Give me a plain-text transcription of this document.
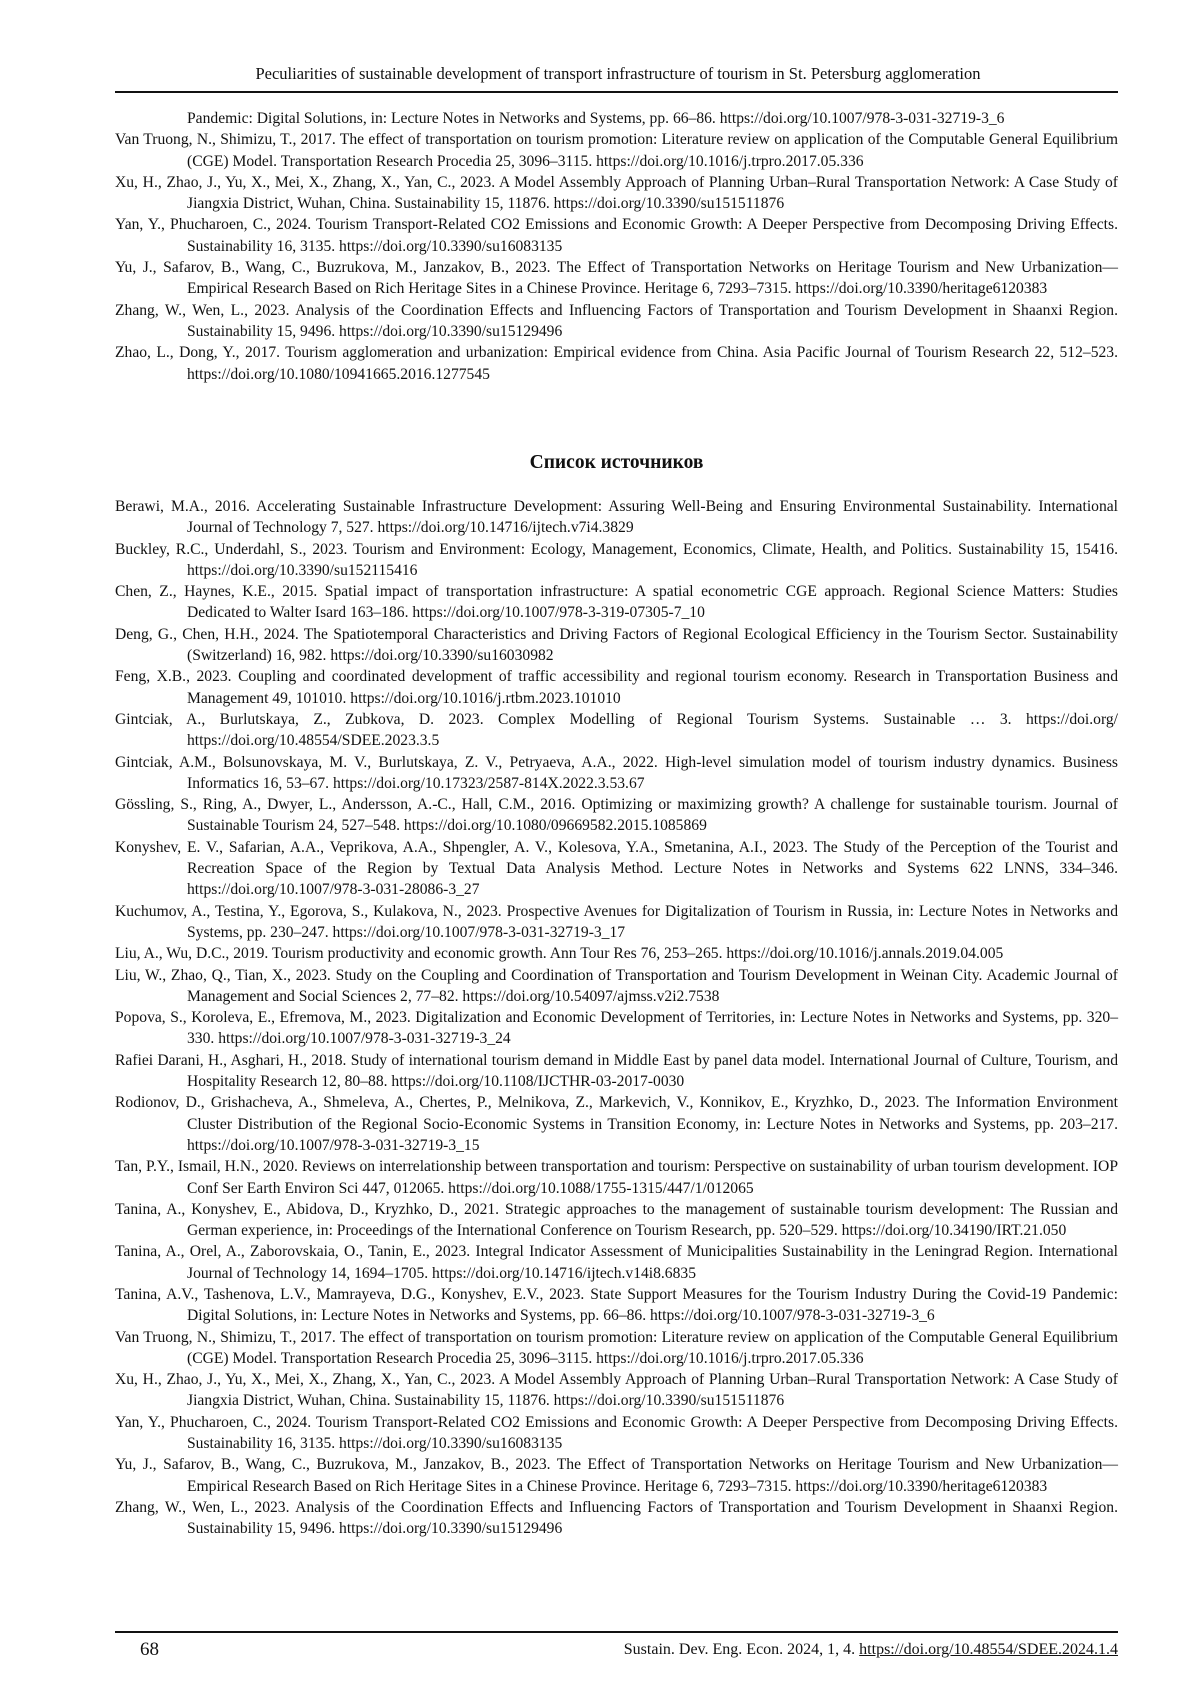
Peculiarities of sustainable development of transport infrastructure of tourism in St. Petersburg agglomeration

Pandemic: Digital Solutions, in: Lecture Notes in Networks and Systems, pp. 66–86. https://doi.org/10.1007/978-3-031-32719-3_6

Van Truong, N., Shimizu, T., 2017. The effect of transportation on tourism promotion: Literature review on application of the Computable General Equilibrium (CGE) Model. Transportation Research Procedia 25, 3096–3115. https://doi.org/10.1016/j.trpro.2017.05.336

Xu, H., Zhao, J., Yu, X., Mei, X., Zhang, X., Yan, C., 2023. A Model Assembly Approach of Planning Urban–Rural Transportation Network: A Case Study of Jiangxia District, Wuhan, China. Sustainability 15, 11876. https://doi.org/10.3390/su151511876

Yan, Y., Phucharoen, C., 2024. Tourism Transport-Related CO2 Emissions and Economic Growth: A Deeper Perspective from Decomposing Driving Effects. Sustainability 16, 3135. https://doi.org/10.3390/su16083135

Yu, J., Safarov, B., Wang, C., Buzrukova, M., Janzakov, B., 2023. The Effect of Transportation Networks on Heritage Tourism and New Urbanization—Empirical Research Based on Rich Heritage Sites in a Chinese Province. Heritage 6, 7293–7315. https://doi.org/10.3390/heritage6120383

Zhang, W., Wen, L., 2023. Analysis of the Coordination Effects and Influencing Factors of Transportation and Tourism Development in Shaanxi Region. Sustainability 15, 9496. https://doi.org/10.3390/su15129496

Zhao, L., Dong, Y., 2017. Tourism agglomeration and urbanization: Empirical evidence from China. Asia Pacific Journal of Tourism Research 22, 512–523. https://doi.org/10.1080/10941665.2016.1277545

Список источников

Berawi, M.A., 2016. Accelerating Sustainable Infrastructure Development: Assuring Well-Being and Ensuring Environmental Sustainability. International Journal of Technology 7, 527. https://doi.org/10.14716/ijtech.v7i4.3829

Buckley, R.C., Underdahl, S., 2023. Tourism and Environment: Ecology, Management, Economics, Climate, Health, and Politics. Sustainability 15, 15416. https://doi.org/10.3390/su152115416

Chen, Z., Haynes, K.E., 2015. Spatial impact of transportation infrastructure: A spatial econometric CGE approach. Regional Science Matters: Studies Dedicated to Walter Isard 163–186. https://doi.org/10.1007/978-3-319-07305-7_10

Deng, G., Chen, H.H., 2024. The Spatiotemporal Characteristics and Driving Factors of Regional Ecological Efficiency in the Tourism Sector. Sustainability (Switzerland) 16, 982. https://doi.org/10.3390/su16030982

Feng, X.B., 2023. Coupling and coordinated development of traffic accessibility and regional tourism economy. Research in Transportation Business and Management 49, 101010. https://doi.org/10.1016/j.rtbm.2023.101010

Gintciak, A., Burlutskaya, Z., Zubkova, D. 2023. Complex Modelling of Regional Tourism Systems. Sustainable … 3. https://doi.org/ https://doi.org/10.48554/SDEE.2023.3.5

Gintciak, A.M., Bolsunovskaya, M. V., Burlutskaya, Z. V., Petryaeva, A.A., 2022. High-level simulation model of tourism industry dynamics. Business Informatics 16, 53–67. https://doi.org/10.17323/2587-814X.2022.3.53.67

Gössling, S., Ring, A., Dwyer, L., Andersson, A.-C., Hall, C.M., 2016. Optimizing or maximizing growth? A challenge for sustainable tourism. Journal of Sustainable Tourism 24, 527–548. https://doi.org/10.1080/09669582.2015.1085869

Konyshev, E. V., Safarian, A.A., Veprikova, A.A., Shpengler, A. V., Kolesova, Y.A., Smetanina, A.I., 2023. The Study of the Perception of the Tourist and Recreation Space of the Region by Textual Data Analysis Method. Lecture Notes in Networks and Systems 622 LNNS, 334–346. https://doi.org/10.1007/978-3-031-28086-3_27

Kuchumov, A., Testina, Y., Egorova, S., Kulakova, N., 2023. Prospective Avenues for Digitalization of Tourism in Russia, in: Lecture Notes in Networks and Systems, pp. 230–247. https://doi.org/10.1007/978-3-031-32719-3_17

Liu, A., Wu, D.C., 2019. Tourism productivity and economic growth. Ann Tour Res 76, 253–265. https://doi.org/10.1016/j.annals.2019.04.005

Liu, W., Zhao, Q., Tian, X., 2023. Study on the Coupling and Coordination of Transportation and Tourism Development in Weinan City. Academic Journal of Management and Social Sciences 2, 77–82. https://doi.org/10.54097/ajmss.v2i2.7538

Popova, S., Koroleva, E., Efremova, M., 2023. Digitalization and Economic Development of Territories, in: Lecture Notes in Networks and Systems, pp. 320–330. https://doi.org/10.1007/978-3-031-32719-3_24

Rafiei Darani, H., Asghari, H., 2018. Study of international tourism demand in Middle East by panel data model. International Journal of Culture, Tourism, and Hospitality Research 12, 80–88. https://doi.org/10.1108/IJCTHR-03-2017-0030

Rodionov, D., Grishacheva, A., Shmeleva, A., Chertes, P., Melnikova, Z., Markevich, V., Konnikov, E., Kryzhko, D., 2023. The Information Environment Cluster Distribution of the Regional Socio-Economic Systems in Transition Economy, in: Lecture Notes in Networks and Systems, pp. 203–217. https://doi.org/10.1007/978-3-031-32719-3_15

Tan, P.Y., Ismail, H.N., 2020. Reviews on interrelationship between transportation and tourism: Perspective on sustainability of urban tourism development. IOP Conf Ser Earth Environ Sci 447, 012065. https://doi.org/10.1088/1755-1315/447/1/012065

Tanina, A., Konyshev, E., Abidova, D., Kryzhko, D., 2021. Strategic approaches to the management of sustainable tourism development: The Russian and German experience, in: Proceedings of the International Conference on Tourism Research, pp. 520–529. https://doi.org/10.34190/IRT.21.050

Tanina, A., Orel, A., Zaborovskaia, O., Tanin, E., 2023. Integral Indicator Assessment of Municipalities Sustainability in the Leningrad Region. International Journal of Technology 14, 1694–1705. https://doi.org/10.14716/ijtech.v14i8.6835

Tanina, A.V., Tashenova, L.V., Mamrayeva, D.G., Konyshev, E.V., 2023. State Support Measures for the Tourism Industry During the Covid-19 Pandemic: Digital Solutions, in: Lecture Notes in Networks and Systems, pp. 66–86. https://doi.org/10.1007/978-3-031-32719-3_6

Van Truong, N., Shimizu, T., 2017. The effect of transportation on tourism promotion: Literature review on application of the Computable General Equilibrium (CGE) Model. Transportation Research Procedia 25, 3096–3115. https://doi.org/10.1016/j.trpro.2017.05.336

Xu, H., Zhao, J., Yu, X., Mei, X., Zhang, X., Yan, C., 2023. A Model Assembly Approach of Planning Urban–Rural Transportation Network: A Case Study of Jiangxia District, Wuhan, China. Sustainability 15, 11876. https://doi.org/10.3390/su151511876

Yan, Y., Phucharoen, C., 2024. Tourism Transport-Related CO2 Emissions and Economic Growth: A Deeper Perspective from Decomposing Driving Effects. Sustainability 16, 3135. https://doi.org/10.3390/su16083135

Yu, J., Safarov, B., Wang, C., Buzrukova, M., Janzakov, B., 2023. The Effect of Transportation Networks on Heritage Tourism and New Urbanization—Empirical Research Based on Rich Heritage Sites in a Chinese Province. Heritage 6, 7293–7315. https://doi.org/10.3390/heritage6120383

Zhang, W., Wen, L., 2023. Analysis of the Coordination Effects and Influencing Factors of Transportation and Tourism Development in Shaanxi Region. Sustainability 15, 9496. https://doi.org/10.3390/su15129496

68	Sustain. Dev. Eng. Econ. 2024, 1, 4. https://doi.org/10.48554/SDEE.2024.1.4
